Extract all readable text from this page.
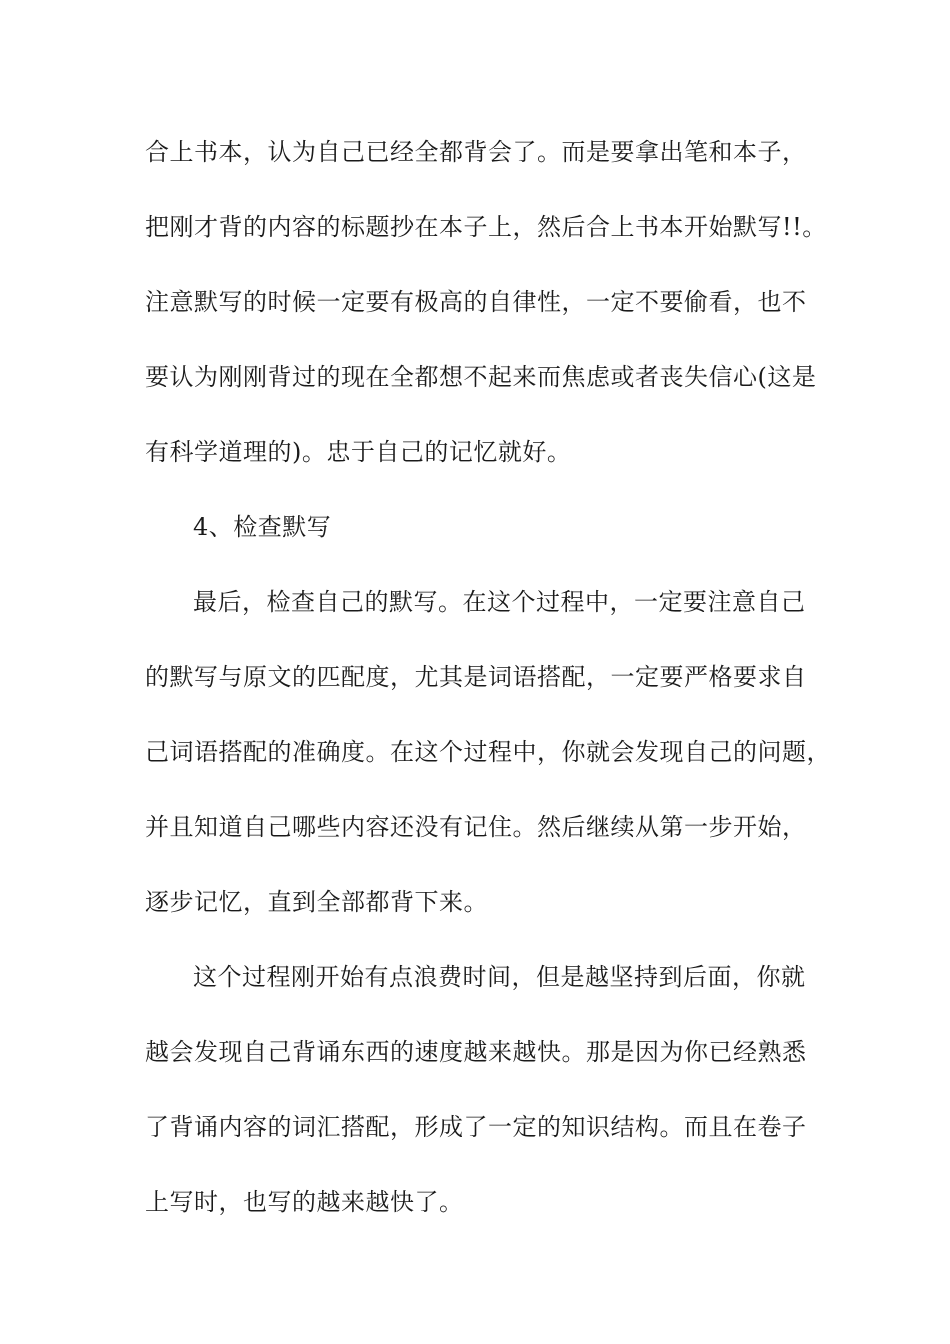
合上书本，认为自己已经全都背会了。而是要拿出笔和本子，
把刚才背的内容的标题抄在本子上，然后合上书本开始默写!!。
注意默写的时候一定要有极高的自律性，一定不要偷看，也不
要认为刚刚背过的现在全都想不起来而焦虑或者丧失信心(这是
有科学道理的)。忠于自己的记忆就好。
4、检查默写
最后，检查自己的默写。在这个过程中，一定要注意自己
的默写与原文的匹配度，尤其是词语搭配，一定要严格要求自
己词语搭配的准确度。在这个过程中，你就会发现自己的问题，
并且知道自己哪些内容还没有记住。然后继续从第一步开始，
逐步记忆，直到全部都背下来。
这个过程刚开始有点浪费时间，但是越坚持到后面，你就
越会发现自己背诵东西的速度越来越快。那是因为你已经熟悉
了背诵内容的词汇搭配，形成了一定的知识结构。而且在卷子
上写时，也写的越来越快了。
